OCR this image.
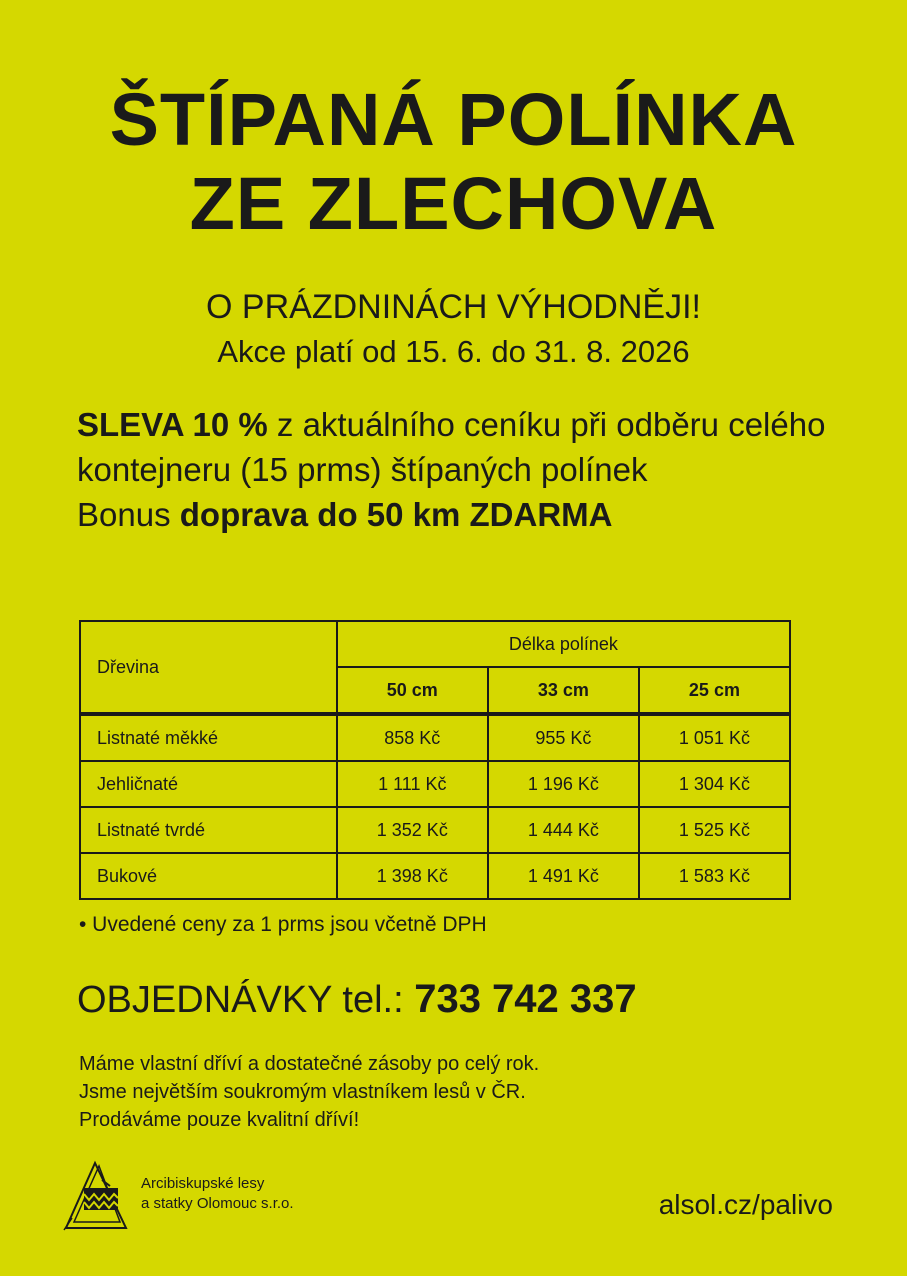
ŠTÍPANÁ POLÍNKA
ZE ZLECHOVA
O PRÁZDNINÁCH VÝHODNĚJI!
Akce platí od 15. 6. do 31. 8. 2026
SLEVA 10 % z aktuálního ceníku při odběru celého kontejneru (15 prms) štípaných polínek
Bonus doprava do 50 km ZDARMA
Dřevina	Délka polínek		
	50 cm	33 cm	25 cm
Listnaté měkké	858 Kč	955 Kč	1 051 Kč
Jehličnaté	1 111 Kč	1 196 Kč	1 304 Kč
Listnaté tvrdé	1 352 Kč	1 444 Kč	1 525 Kč
Bukové	1 398 Kč	1 491 Kč	1 583 Kč
• Uvedené ceny za 1 prms jsou včetně DPH
OBJEDNÁVKY tel.: 733 742 337
Máme vlastní dříví a dostatečné zásoby po celý rok.
Jsme největším soukromým vlastníkem lesů v ČR.
Prodáváme pouze kvalitní dříví!
Arcibiskupské lesy
a statky Olomouc s.r.o.	alsol.cz/palivo
